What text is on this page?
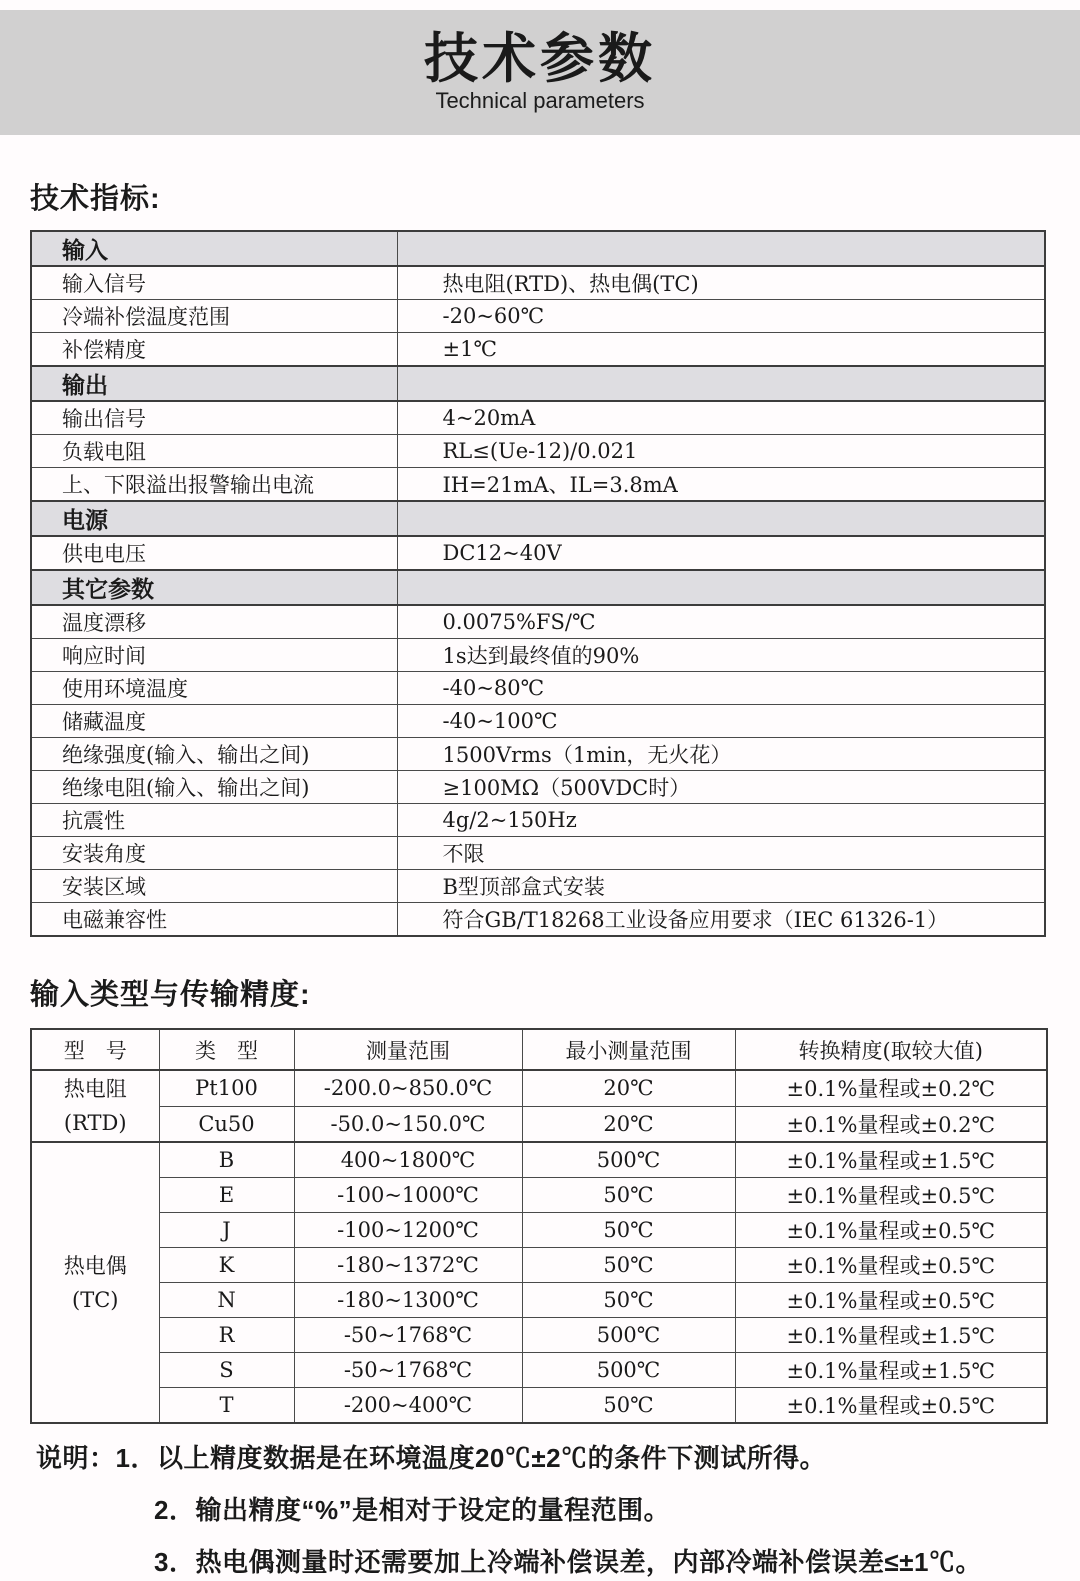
技术参数
Technical parameters
技术指标:
输入	
输入信号	热电阻(RTD)、热电偶(TC)
冷端补偿温度范围	-20~60℃
补偿精度	±1℃
输出	
输出信号	4~20mA
负载电阻	RL≤(Ue-12)/0.021
上、下限溢出报警输出电流	IH=21mA、IL=3.8mA
电源	
供电电压	DC12~40V
其它参数	
温度漂移	0.0075%FS/℃
响应时间	1s达到最终值的90%
使用环境温度	-40~80℃
储藏温度	-40~100℃
绝缘强度(输入、输出之间)	1500Vrms（1min，无火花）
绝缘电阻(输入、输出之间)	≥100MΩ（500VDC时）
抗震性	4g/2~150Hz
安装角度	不限
安装区域	B型顶部盒式安装
电磁兼容性	符合GB/T18268工业设备应用要求（IEC 61326-1）
输入类型与传输精度:
型　号	类　型	测量范围	最小测量范围	转换精度(取较大值)

热电阻
(RTD)	Pt100	-200.0~850.0℃	20℃	±0.1%量程或±0.2℃
	Cu50	-50.0~150.0℃	20℃	±0.1%量程或±0.2℃

热电偶
(TC)	B	400~1800℃	500℃	±0.1%量程或±1.5℃
	E	-100~1000℃	50℃	±0.1%量程或±0.5℃
	J	-100~1200℃	50℃	±0.1%量程或±0.5℃
	K	-180~1372℃	50℃	±0.1%量程或±0.5℃
	N	-180~1300℃	50℃	±0.1%量程或±0.5℃
	R	-50~1768℃	500℃	±0.1%量程或±1.5℃
	S	-50~1768℃	500℃	±0.1%量程或±1.5℃
	T	-200~400℃	50℃	±0.1%量程或±0.5℃
说明：1．以上精度数据是在环境温度20℃±2℃的条件下测试所得。
2．输出精度“%”是相对于设定的量程范围。
3．热电偶测量时还需要加上冷端补偿误差，内部冷端补偿误差≤±1℃。
